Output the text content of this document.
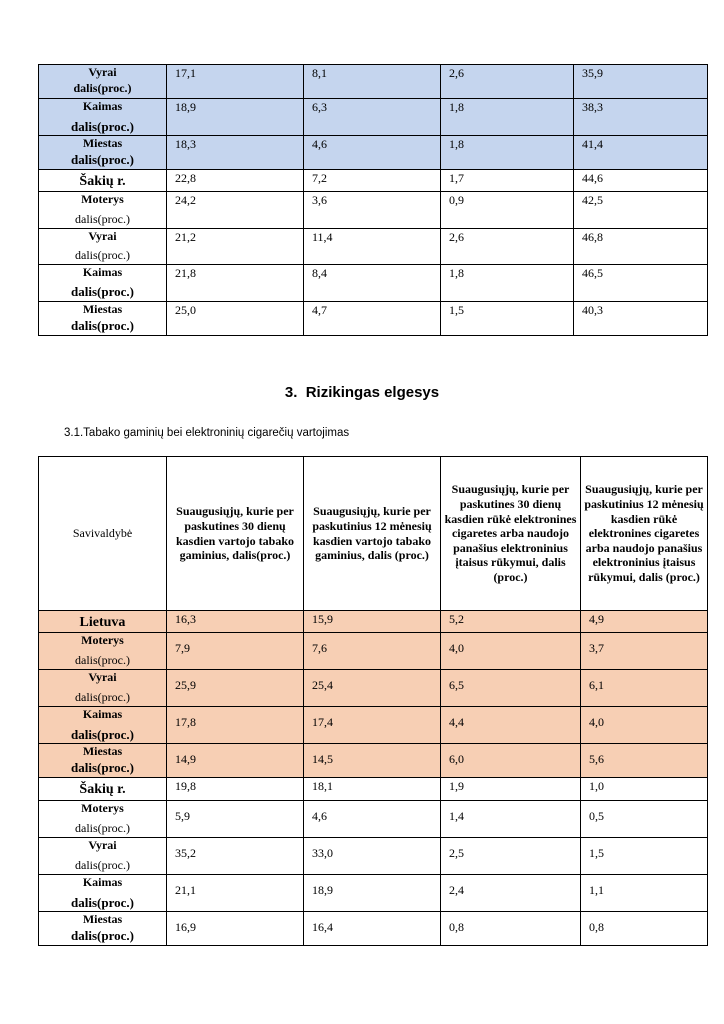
Vyrai
dalis(proc.)	17,1	8,1	2,6	35,9

Kaimas
dalis(proc.)	18,9	6,3	1,8	38,3

Miestas
dalis(proc.)	18,3	4,6	1,8	41,4
Šakių r.	22,8	7,2	1,7	44,6

Moterys
dalis(proc.)	24,2	3,6	0,9	42,5

Vyrai
dalis(proc.)	21,2	11,4	2,6	46,8

Kaimas
dalis(proc.)	21,8	8,4	1,8	46,5

Miestas
dalis(proc.)	25,0	4,7	1,5	40,3
3. Rizikingas elgesys
3.1.Tabako gaminių bei elektroninių cigarečių vartojimas
Savivaldybė	Suaugusiųjų, kurie per paskutines 30 dienų kasdien vartojo tabako gaminius, dalis(proc.)	Suaugusiųjų, kurie per paskutinius 12 mėnesių kasdien vartojo tabako gaminius, dalis (proc.)	Suaugusiųjų, kurie per paskutines 30 dienų kasdien rūkė elektronines cigaretes arba naudojo panašius elektroninius įtaisus rūkymui, dalis (proc.)	Suaugusiųjų, kurie per paskutinius 12 mėnesių kasdien rūkė elektronines cigaretes arba naudojo panašius elektroninius įtaisus rūkymui, dalis (proc.)
Lietuva	16,3	15,9	5,2	4,9

Moterys
dalis(proc.)	7,9	7,6	4,0	3,7

Vyrai
dalis(proc.)	25,9	25,4	6,5	6,1

Kaimas
dalis(proc.)	17,8	17,4	4,4	4,0

Miestas
dalis(proc.)	14,9	14,5	6,0	5,6
Šakių r.	19,8	18,1	1,9	1,0

Moterys
dalis(proc.)	5,9	4,6	1,4	0,5

Vyrai
dalis(proc.)	35,2	33,0	2,5	1,5

Kaimas
dalis(proc.)	21,1	18,9	2,4	1,1

Miestas
dalis(proc.)	16,9	16,4	0,8	0,8
